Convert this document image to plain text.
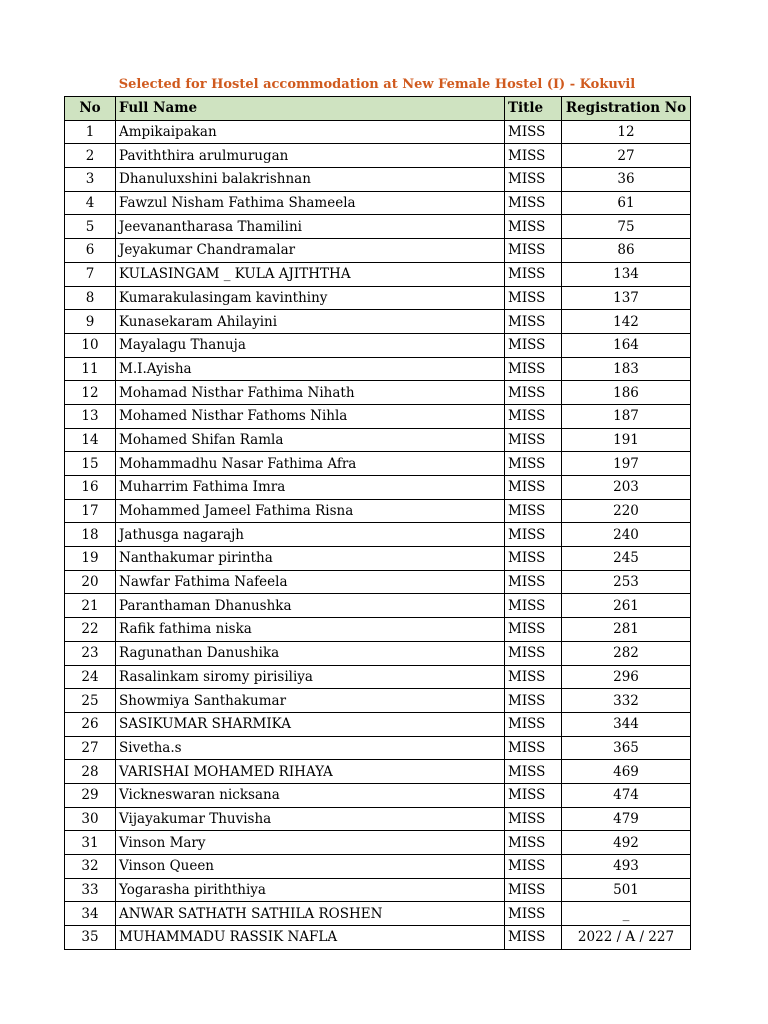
Selected for Hostel accommodation at New Female Hostel (I) - Kokuvil
No	Full Name	Title	Registration No
1	Ampikaipakan	MISS	12
2	Paviththira arulmurugan	MISS	27
3	Dhanuluxshini balakrishnan	MISS	36
4	Fawzul Nisham Fathima Shameela	MISS	61
5	Jeevanantharasa Thamilini	MISS	75
6	Jeyakumar Chandramalar	MISS	86
7	KULASINGAM _ KULA AJITHTHA	MISS	134
8	Kumarakulasingam kavinthiny	MISS	137
9	Kunasekaram Ahilayini	MISS	142
10	Mayalagu Thanuja	MISS	164
11	M.I.Ayisha	MISS	183
12	Mohamad Nisthar Fathima Nihath	MISS	186
13	Mohamed Nisthar Fathoms Nihla	MISS	187
14	Mohamed Shifan Ramla	MISS	191
15	Mohammadhu Nasar Fathima Afra	MISS	197
16	Muharrim Fathima Imra	MISS	203
17	Mohammed Jameel Fathima Risna	MISS	220
18	Jathusga nagarajh	MISS	240
19	Nanthakumar pirintha	MISS	245
20	Nawfar Fathima Nafeela	MISS	253
21	Paranthaman Dhanushka	MISS	261
22	Rafik fathima niska	MISS	281
23	Ragunathan Danushika	MISS	282
24	Rasalinkam siromy pirisiliya	MISS	296
25	Showmiya Santhakumar	MISS	332
26	SASIKUMAR SHARMIKA	MISS	344
27	Sivetha.s	MISS	365
28	VARISHAI MOHAMED RIHAYA	MISS	469
29	Vickneswaran nicksana	MISS	474
30	Vijayakumar Thuvisha	MISS	479
31	Vinson Mary	MISS	492
32	Vinson Queen	MISS	493
33	Yogarasha piriththiya	MISS	501
34	ANWAR SATHATH SATHILA ROSHEN	MISS	_
35	MUHAMMADU RASSIK NAFLA	MISS	2022 / A / 227
